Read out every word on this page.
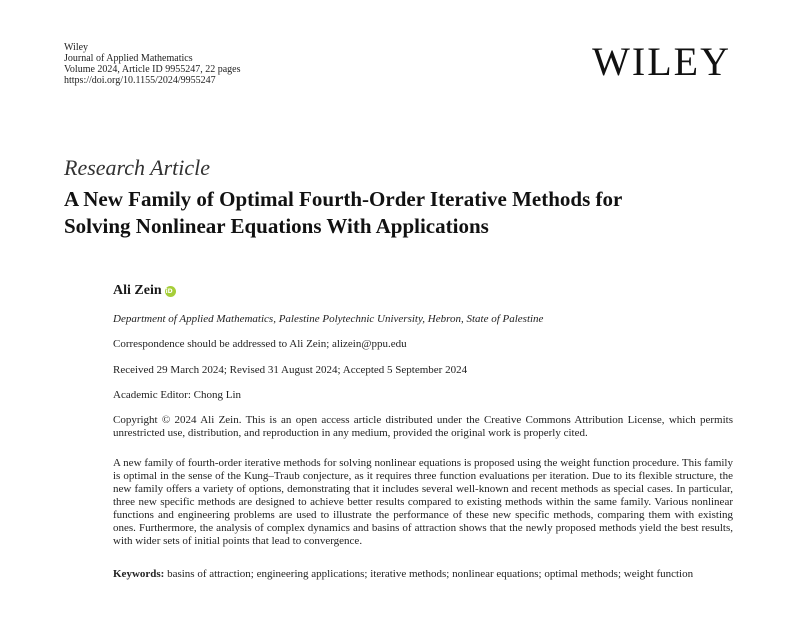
Wiley
Journal of Applied Mathematics
Volume 2024, Article ID 9955247, 22 pages
https://doi.org/10.1155/2024/9955247	WILEY
Research Article
A New Family of Optimal Fourth-Order Iterative Methods for
Solving Nonlinear Equations With Applications
Ali Zein
iD
Department of Applied Mathematics, Palestine Polytechnic University, Hebron, State of Palestine
Correspondence should be addressed to Ali Zein; alizein@ppu.edu
Received 29 March 2024; Revised 31 August 2024; Accepted 5 September 2024
Academic Editor: Chong Lin
Copyright © 2024 Ali Zein. This is an open access article distributed under the Creative Commons Attribution License, which permits unrestricted use, distribution, and reproduction in any medium, provided the original work is properly cited.
A new family of fourth-order iterative methods for solving nonlinear equations is proposed using the weight function procedure. This family is optimal in the sense of the Kung–Traub conjecture, as it requires three function evaluations per iteration. Due to its flexible structure, the new family offers a variety of options, demonstrating that it includes several well-known and recent methods as special cases. In particular, three new specific methods are designed to achieve better results compared to existing methods within the same family. Various nonlinear functions and engineering problems are used to illustrate the performance of these new specific methods, comparing them with existing ones. Furthermore, the analysis of complex dynamics and basins of attraction shows that the newly proposed methods yield the best results, with wider sets of initial points that lead to convergence.
Keywords: basins of attraction; engineering applications; iterative methods; nonlinear equations; optimal methods; weight function
